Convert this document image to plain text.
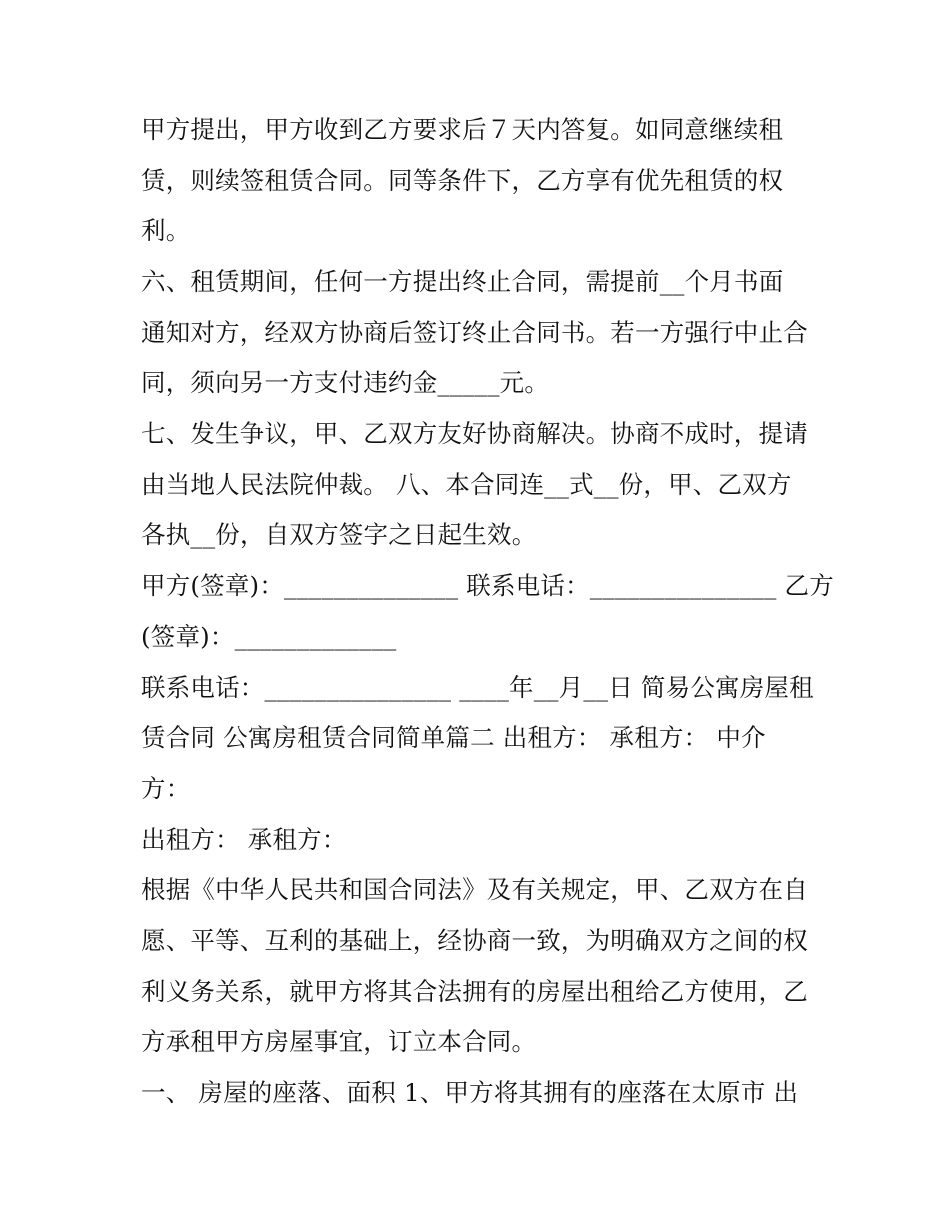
甲方提出，甲方收到乙方要求后７天内答复。如同意继续租
赁，则续签租赁合同。同等条件下，乙方享有优先租赁的权
利。
六、租赁期间，任何一方提出终止合同，需提前__个月书面
通知对方，经双方协商后签订终止合同书。若一方强行中止合
同，须向另一方支付违约金_____元。
七、发生争议，甲、乙双方友好协商解决。协商不成时，提请
由当地人民法院仲裁。 八、本合同连__式__份，甲、乙双方
各执__份，自双方签字之日起生效。
甲方(签章)：______________ 联系电话：_______________ 乙方
(签章)：_____________
联系电话：_______________ ____年__月__日 简易公寓房屋租
赁合同 公寓房租赁合同简单篇二 出租方： 承租方： 中介
方：
出租方： 承租方：
根据《中华人民共和国合同法》及有关规定，甲、乙双方在自
愿、平等、互利的基础上，经协商一致，为明确双方之间的权
利义务关系，就甲方将其合法拥有的房屋出租给乙方使用，乙
方承租甲方房屋事宜，订立本合同。
一、 房屋的座落、面积 1、甲方将其拥有的座落在太原市 出
